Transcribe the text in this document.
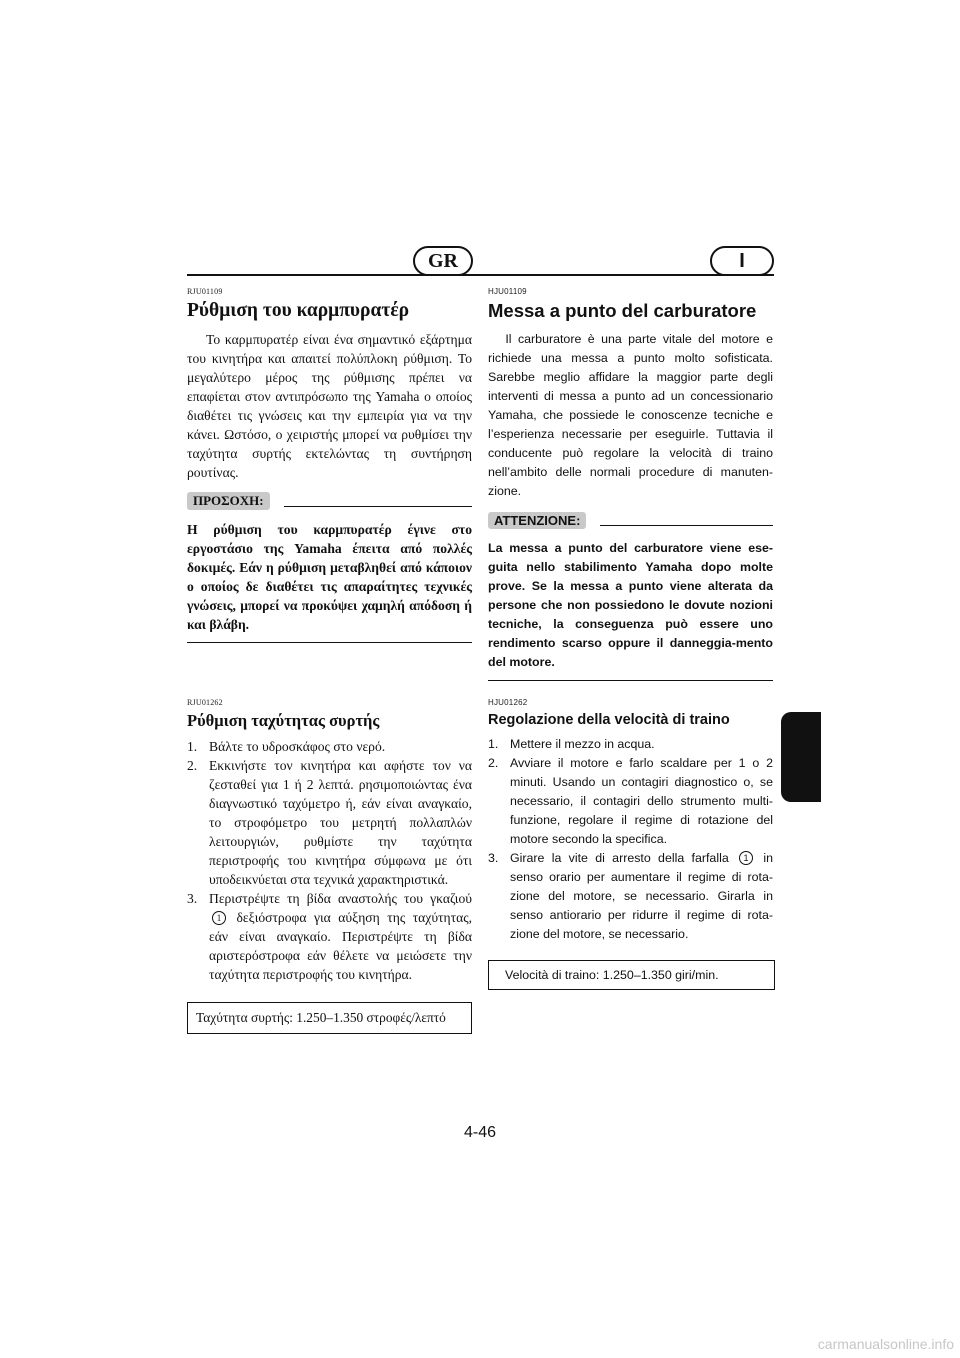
GR	I

RJU01109

Ρύθμιση του καρμπυρατέρ

Το καρμπυρατέρ είναι ένα σημαντικό εξάρτημα του κινητήρα και απαιτεί πολύπλοκη ρύθμιση. Το μεγαλύτερο μέρος της ρύθμισης πρέπει να επαφίεται στον αντιπρόσωπο της Yamaha ο οποίος διαθέτει τις γνώσεις και την εμπειρία για να την κάνει. Ωστόσο, ο χειριστής μπορεί να ρυθμίσει την ταχύτητα συρτής εκτελώντας τη συντήρηση ρουτίνας.

ΠΡΟΣΟΧΗ:

Η ρύθμιση του καρμπυρατέρ έγινε στο εργοστάσιο της Yamaha έπειτα από πολλές δοκιμές. Εάν η ρύθμιση μεταβληθεί από κάποιον ο οποίος δε διαθέτει τις απαραίτητες τεχνικές γνώσεις, μπορεί να προκύψει χαμηλή απόδοση ή και βλάβη.

HJU01109

Messa a punto del carburatore

Il carburatore è una parte vitale del motore e richiede una messa a punto molto sofisticata. Sarebbe meglio affidare la maggior parte degli interventi di messa a punto ad un concessionario Yamaha, che possiede le conoscenze tecniche e l’esperienza necessarie per eseguirle. Tuttavia il conducente può regolare la velocità di traino nell’ambito delle normali procedure di manuten-zione.

ATTENZIONE:

La messa a punto del carburatore viene ese-guita nello stabilimento Yamaha dopo molte prove. Se la messa a punto viene alterata da persone che non possiedono le dovute nozioni tecniche, la conseguenza può essere uno rendimento scarso oppure il danneggia-mento del motore.

RJU01262

Ρύθμιση ταχύτητας συρτής
1. Βάλτε το υδροσκάφος στο νερό.
2. Εκκινήστε τον κινητήρα και αφήστε τον να ζεσταθεί για 1 ή 2 λεπτά. ρησιμοποιώντας ένα διαγνωστικό ταχύμετρο ή, εάν είναι αναγκαίο, το στροφόμετρο του μετρητή πολλαπλών λειτουργιών, ρυθμίστε την ταχύτητα περιστροφής του κινητήρα σύμφωνα με ότι υποδεικνύεται στα τεχνικά χαρακτηριστικά.
3. Περιστρέψτε τη βίδα αναστολής του γκαζιού 1 δεξιόστροφα για αύξηση της ταχύτητας, εάν είναι αναγκαίο. Περιστρέψτε τη βίδα αριστερόστροφα εάν θέλετε να μειώσετε την ταχύτητα περιστροφής του κινητήρα.
Ταχύτητα συρτής: 1.250–1.350 στροφές/λεπτό

HJU01262

Regolazione della velocità di traino
1. Mettere il mezzo in acqua.
2. Avviare il motore e farlo scaldare per 1 o 2 minuti. Usando un contagiri diagnostico o, se necessario, il contagiri dello strumento multi-funzione, regolare il regime di rotazione del motore secondo la specifica.
3. Girare la vite di arresto della farfalla 1 in senso orario per aumentare il regime di rota-zione del motore, se necessario. Girarla in senso antiorario per ridurre il regime di rota-zione del motore, se necessario.
Velocità di traino: 1.250–1.350 giri/min.
4-46
carmanualsonline.info
